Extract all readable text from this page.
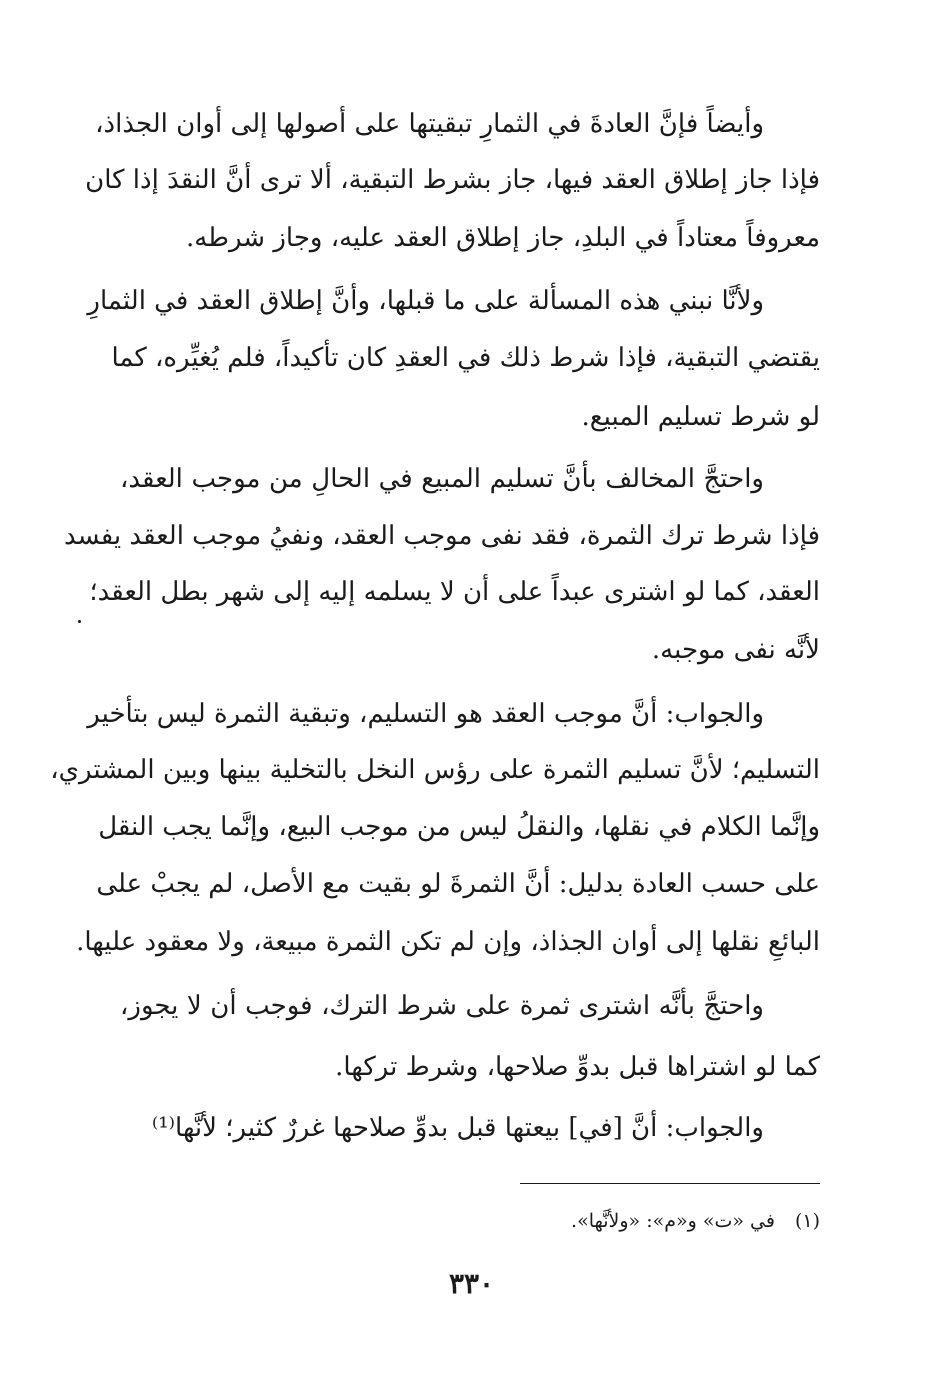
وأيضاً فإنَّ العادةَ في الثمارِ تبقيتها على أصولها إلى أوان الجذاذ،
فإذا جاز إطلاق العقد فيها، جاز بشرط التبقية، ألا ترى أنَّ النقدَ إذا كان
معروفاً معتاداً في البلدِ، جاز إطلاق العقد عليه، وجاز شرطه.
ولأنَّا نبني هذه المسألة على ما قبلها، وأنَّ إطلاق العقد في الثمارِ
يقتضي التبقية، فإذا شرط ذلك في العقدِ كان تأكيداً، فلم يُغيِّره، كما
لو شرط تسليم المبيع.
واحتجَّ المخالف بأنَّ تسليم المبيع في الحالِ من موجب العقد،
فإذا شرط ترك الثمرة، فقد نفى موجب العقد، ونفيُ موجب العقد يفسد
العقد، كما لو اشترى عبداً على أن لا يسلمه إليه إلى شهر بطل العقد؛
لأنَّه نفى موجبه.
والجواب: أنَّ موجب العقد هو التسليم، وتبقية الثمرة ليس بتأخير
التسليم؛ لأنَّ تسليم الثمرة على رؤس النخل بالتخلية بينها وبين المشتري،
وإنَّما الكلام في نقلها، والنقلُ ليس من موجب البيع، وإنَّما يجب النقل
على حسب العادة بدليل: أنَّ الثمرةَ لو بقيت مع الأصل، لم يجبْ على
البائعِ نقلها إلى أوان الجذاذ، وإن لم تكن الثمرة مبيعة، ولا معقود عليها.
واحتجَّ بأنَّه اشترى ثمرة على شرط الترك، فوجب أن لا يجوز،
كما لو اشتراها قبل بدوِّ صلاحها، وشرط تركها.
والجواب: أنَّ [في] بيعتها قبل بدوِّ صلاحها غررٌ كثير؛ لأنَّها⁽¹⁾
(١)في «ت» و«م»: «ولأنَّها».
٣٣٠
